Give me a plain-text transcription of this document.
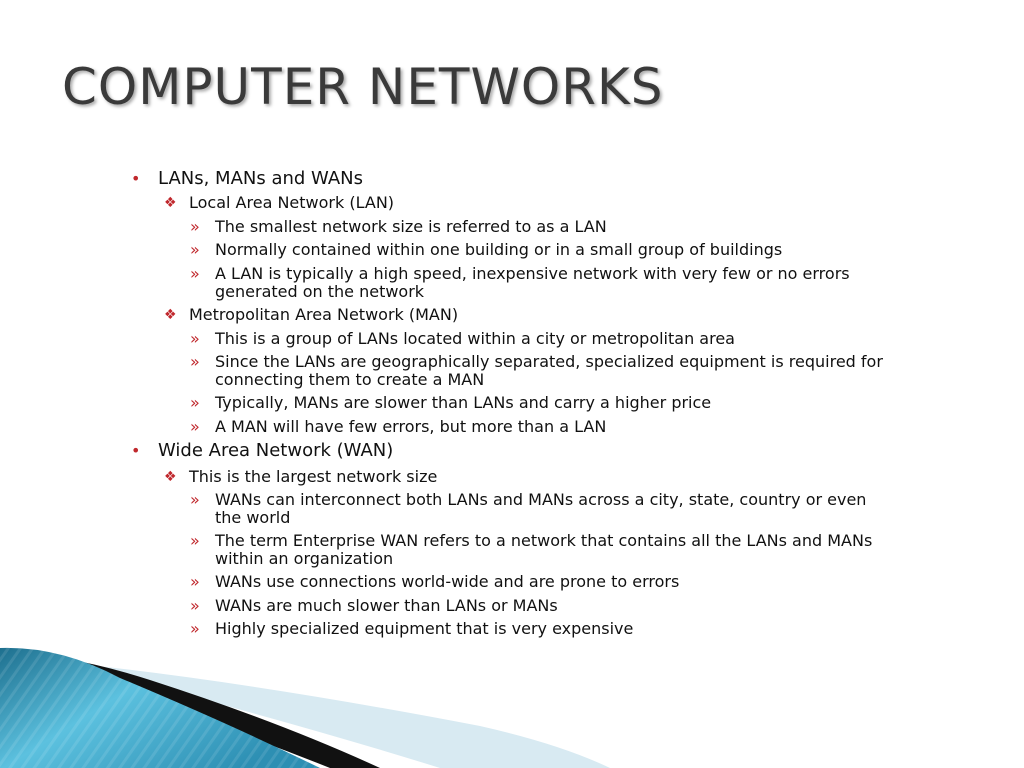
COMPUTER NETWORKS
• LANs, MANs and WANs
❖ Local Area Network (LAN)
» The smallest network size is referred to as a LAN
» Normally contained within one building or in a small group of buildings
» A LAN is typically a high speed, inexpensive network with very few or no errors
generated on the network
❖ Metropolitan Area Network (MAN)
» This is a group of LANs located within a city or metropolitan area
» Since the LANs are geographically separated, specialized equipment is required for
connecting them to create a MAN
» Typically, MANs are slower than LANs and carry a higher price
» A MAN will have few errors, but more than a LAN
• Wide Area Network (WAN)
❖ This is the largest network size
» WANs can interconnect both LANs and MANs across a city, state, country or even
the world
» The term Enterprise WAN refers to a network that contains all the LANs and MANs
within an organization
» WANs use connections world-wide and are prone to errors
» WANs are much slower than LANs or MANs
» Highly specialized equipment that is very expensive
